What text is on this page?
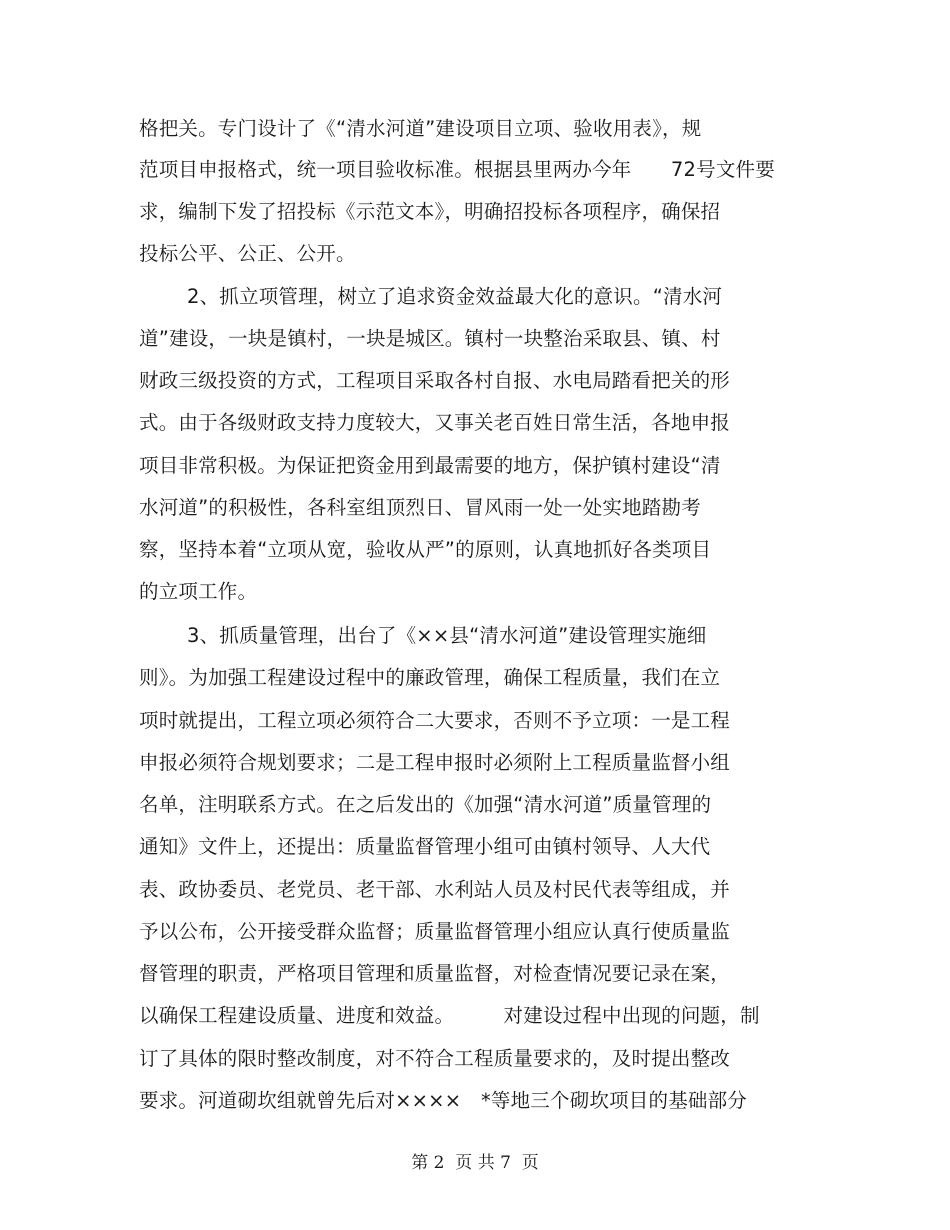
格把关。专门设计了《“清水河道”建设项目立项、验收用表》，规
范项目申报格式，统一项目验收标准。根据县里两办今年　　72号文件要
求，编制下发了招投标《示范文本》，明确招投标各项程序，确保招
投标公平、公正、公开。
2、抓立项管理，树立了追求资金效益最大化的意识。“清水河
道”建设，一块是镇村，一块是城区。镇村一块整治采取县、镇、村
财政三级投资的方式，工程项目采取各村自报、水电局踏看把关的形
式。由于各级财政支持力度较大，又事关老百姓日常生活，各地申报
项目非常积极。为保证把资金用到最需要的地方，保护镇村建设“清
水河道”的积极性，各科室组顶烈日、冒风雨一处一处实地踏勘考
察，坚持本着“立项从宽，验收从严”的原则，认真地抓好各类项目
的立项工作。
3、抓质量管理，出台了《××县“清水河道”建设管理实施细
则》。为加强工程建设过程中的廉政管理，确保工程质量，我们在立
项时就提出，工程立项必须符合二大要求，否则不予立项：一是工程
申报必须符合规划要求；二是工程申报时必须附上工程质量监督小组
名单，注明联系方式。在之后发出的《加强“清水河道”质量管理的
通知》文件上，还提出：质量监督管理小组可由镇村领导、人大代
表、政协委员、老党员、老干部、水利站人员及村民代表等组成，并
予以公布，公开接受群众监督；质量监督管理小组应认真行使质量监
督管理的职责，严格项目管理和质量监督，对检查情况要记录在案，
以确保工程建设质量、进度和效益。　　　对建设过程中出现的问题，制
订了具体的限时整改制度，对不符合工程质量要求的，及时提出整改
要求。河道砌坎组就曾先后对××××　*等地三个砌坎项目的基础部分
第 2  页 共 7  页
